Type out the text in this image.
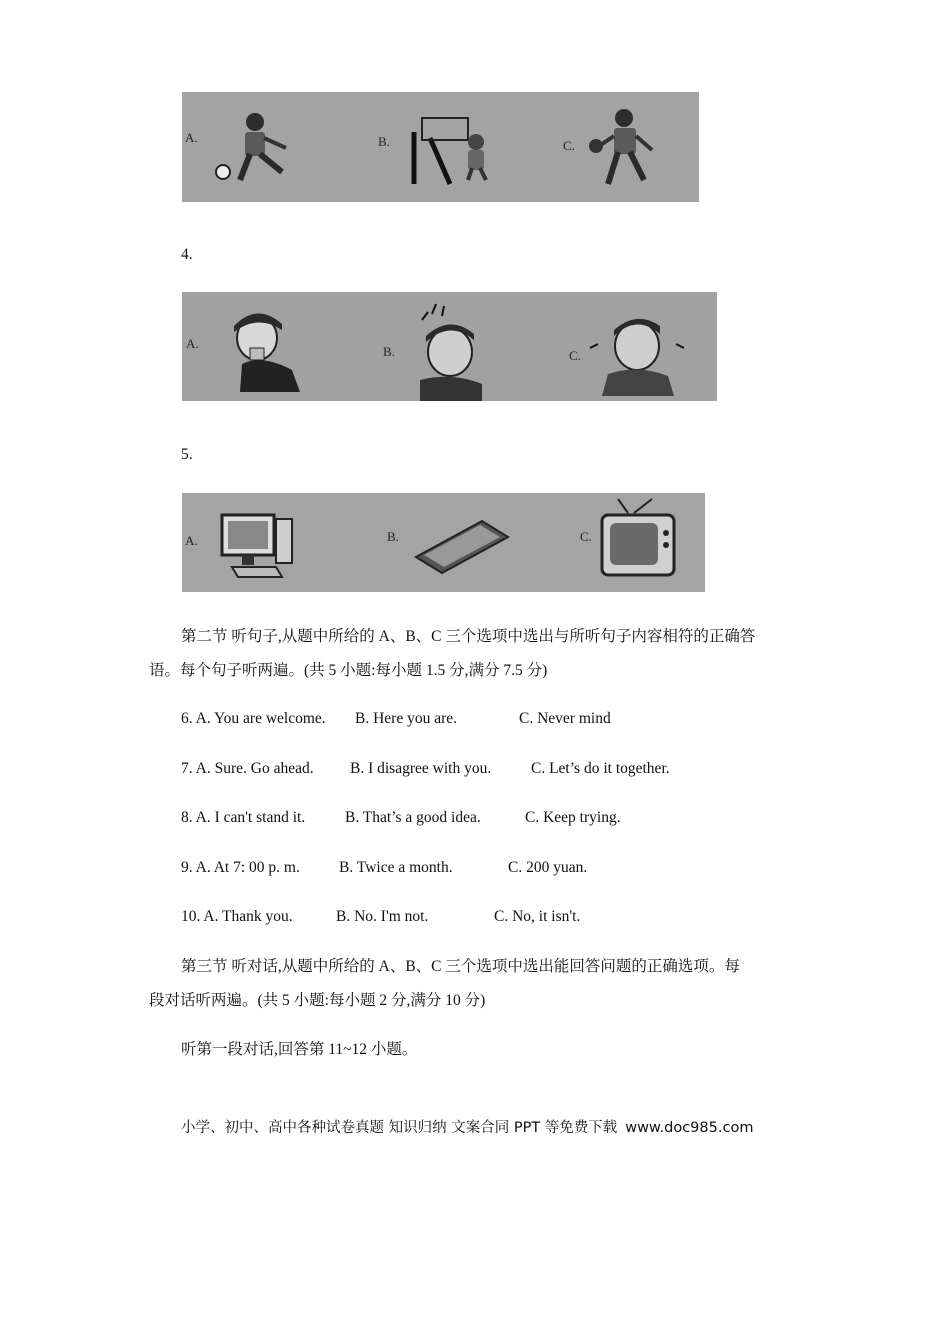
A.	B.	C.
4.
A.
B.	C.
5.
A.	B.	C.
第二节 听句子,从题中所给的 A、B、C 三个选项中选出与所听句子内容相符的正确答
语。每个句子听两遍。(共 5 小题:每小题 1.5 分,满分 7.5 分)
6. A. You are welcome. B. Here you are.	C. Never mind
7. A. Sure. Go ahead. B. I disagree with you.	C. Let’s do it together.
8. A. I can't stand it.	B. That’s a good idea.	C. Keep trying.
9. A. At 7: 00 p. m.	B. Twice a month.	C. 200 yuan.
10. A. Thank you.	B. No. I'm not.	C. No, it isn't.
第三节 听对话,从题中所给的 A、B、C 三个选项中选出能回答问题的正确选项。每
段对话听两遍。(共 5 小题:每小题 2 分,满分 10 分)
听第一段对话,回答第 11~12 小题。
小学、初中、高中各种试卷真题 知识归纳 文案合同 PPT 等免费下载 www.doc985.com
